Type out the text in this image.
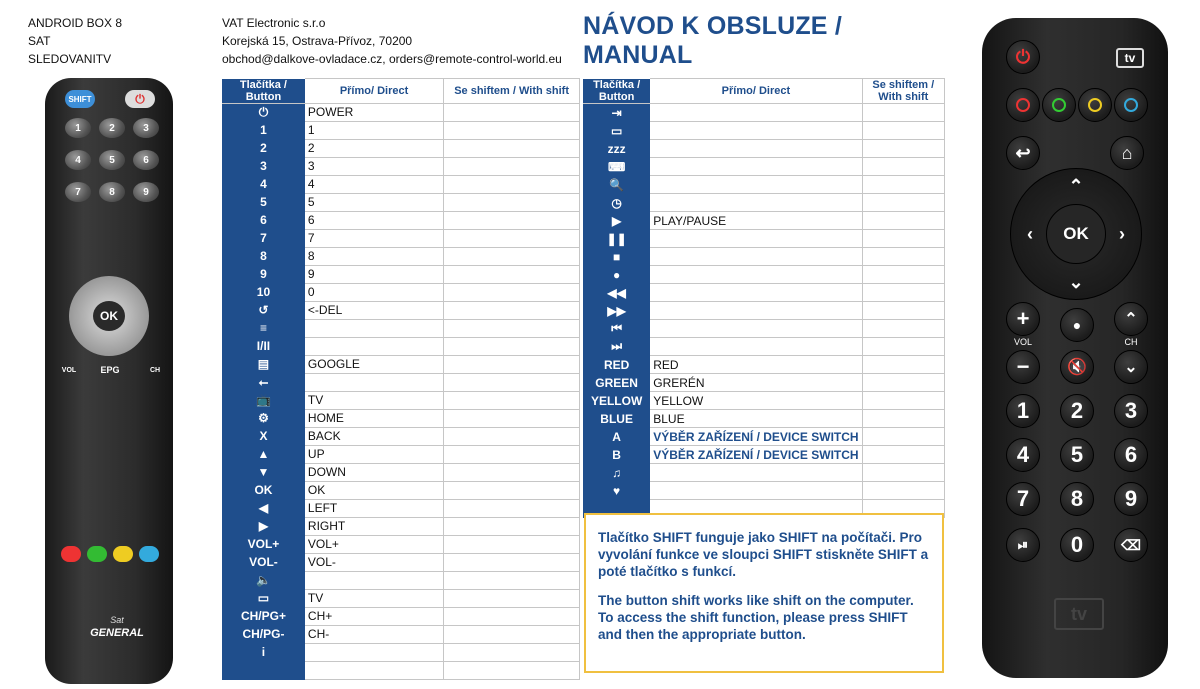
ANDROID BOX 8
SAT
SLEDOVANITV
VAT Electronic s.r.o
Korejská 15, Ostrava-Přívoz, 70200
obchod@dalkove-ovladace.cz, orders@remote-control-world.eu
NÁVOD K OBSLUZE / MANUAL
SHIFT	⏻
OK
EPG
VOL	CH
Sat
GENERAL
1	2	3
4	5	6
7	8	9
Tlačítka / Button	Přímo/ Direct	Se shiftem / With shift
⏻	POWER	
1	1	
2	2	
3	3	
4	4	
5	5	
6	6	
7	7	
8	8	
9	9	
10	0	
↺	<-DEL	
≡		
I/II		
▤	GOOGLE	
⭠		
📺	TV	
⚙	HOME	
X	BACK	
▲	UP	
▼	DOWN	
OK	OK	
◀	LEFT	
▶	RIGHT	
VOL+	VOL+	
VOL-	VOL-	
🔈		
▭	TV	
CH/PG+	CH+	
CH/PG-	CH-	
i		

Tlačítka / Button	Přímo/ Direct	Se shiftem / With shift
⇥		
▭		
zzz		
⌨		
🔍		
◷		
▶	PLAY/PAUSE	
❚❚		
■		
●		
◀◀		
▶▶		
⏮		
⏭		
RED	RED	
GREEN	GRERÉN	
YELLOW	YELLOW	
BLUE	BLUE	
A	VÝBĚR ZAŘÍZENÍ / DEVICE SWITCH	
B	VÝBĚR ZAŘÍZENÍ / DEVICE SWITCH	
♫		
♥		

Tlačítko SHIFT funguje jako SHIFT na počítači. Pro vyvolání funkce ve sloupci SHIFT stiskněte SHIFT a poté tlačítko s funkcí.

The button shift works like shift on the computer. To access the shift function, please press SHIFT and then the appropriate button.

⏻	tv
↩	⌂
OK
⌃
⌄
‹	›
+	●	⌃
VOL	CH
−	🔇	⌄
⏯	⌫
tv
1	2	3
4	5	6
7	8	9
0
